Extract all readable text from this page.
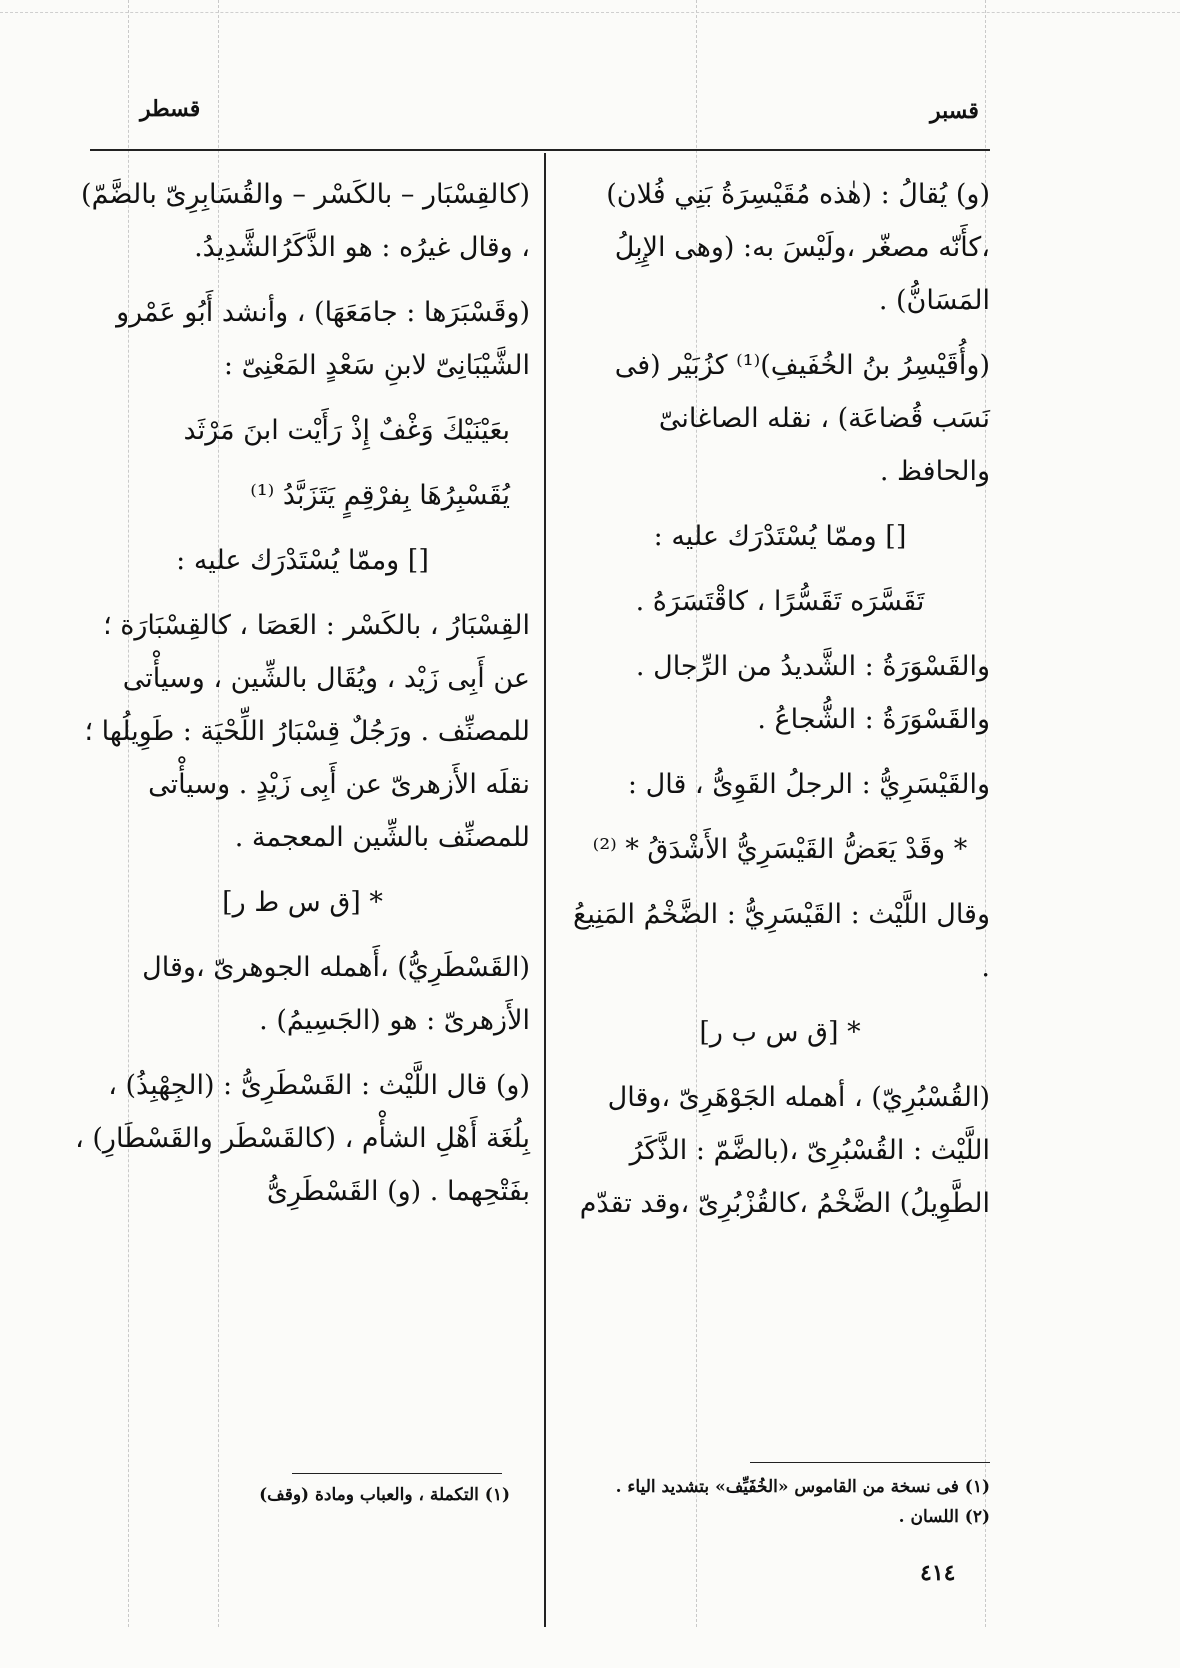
قسبر
قسطر

(و) يُقالُ : (هٰذه مُقَيْسِرَةُ بَنِي فُلان) ،كأَنّه مصغّر ،ولَيْسَ به: (وهى الإِبِلُ المَسَانُّ) .

(وأُقَيْسِرُ بنُ الخُفَيفِ)⁽¹⁾ كزُبَيْر (فى نَسَب قُضاعَة) ، نقله الصاغانىّ والحافظ .

[] وممّا يُسْتَدْرَك عليه :

تَقَسَّرَه تَقَسُّرًا ، كاقْتَسَرَهُ .

والقَسْوَرَةُ : الشَّديدُ من الرِّجال . والقَسْوَرَةُ : الشُّجاعُ .

والقَيْسَرِيُّ : الرجلُ القَوِىُّ ، قال :

* وقَدْ يَعَضُّ القَيْسَرِيُّ الأَشْدَقُ * ⁽²⁾

وقال اللَّيْث : القَيْسَرِيُّ : الضَّخْمُ المَنِيعُ .

* [ق س ب ر]

(القُسْبُرِيّ) ، أهمله الجَوْهَرِىّ ،وقال اللَّيْث : القُسْبُرِىّ ،(بالضَّمّ : الذَّكَرُ الطَّوِيلُ) الضَّخْمُ ،كالقُزْبُرِىّ ،وقد تقدّم

(كالقِسْبَار – بالكَسْر – والقُسَابِرِىّ بالضَّمّ) ، وقال غيرُه : هو الذَّكَرُالشَّدِيدُ.

(وقَسْبَرَها : جامَعَهَا) ، وأنشد أَبُو عَمْرو الشَّيْبَانِىّ لابنِ سَعْدٍ المَعْنِىّ :

بعَيْنَيْكَ وَغْفٌ إِذْ رَأَيْت ابنَ مَرْثَد

يُقَسْبِرُهَا بِفرْقِمٍ يَتَزَبَّدُ ⁽¹⁾

[] وممّا يُسْتَدْرَك عليه :

القِسْبَارُ ، بالكَسْر : العَصَا ، كالقِسْبَارَة ؛ عن أَبِى زَيْد ، ويُقَال بالشِّين ، وسيأْتى للمصنِّف . ورَجُلٌ قِسْبَارُ اللِّحْيَة : طَوِيلُها ؛نقلَه الأَزهرىّ عن أَبِى زَيْدٍ . وسيأْتى للمصنِّف بالشِّين المعجمة .

* [ق س ط ر]

(القَسْطَرِيُّ) ،أَهمله الجوهرىّ ،وقال الأَزهرىّ : هو (الجَسِيمُ) .

(و) قال اللَّيْث : القَسْطَرِىُّ : (الجِهْبِذُ) ، بِلُغَة أَهْلِ الشأْم ، (كالقَسْطَر والقَسْطَارِ) ، بفَتْحِهما . (و) القَسْطَرِىُّ

(١) فى نسخة من القاموس «الخُفَيِّف» بتشديد الياء .
(٢) اللسان .
(١) التكملة ، والعباب ومادة (وقف)
٤١٤
